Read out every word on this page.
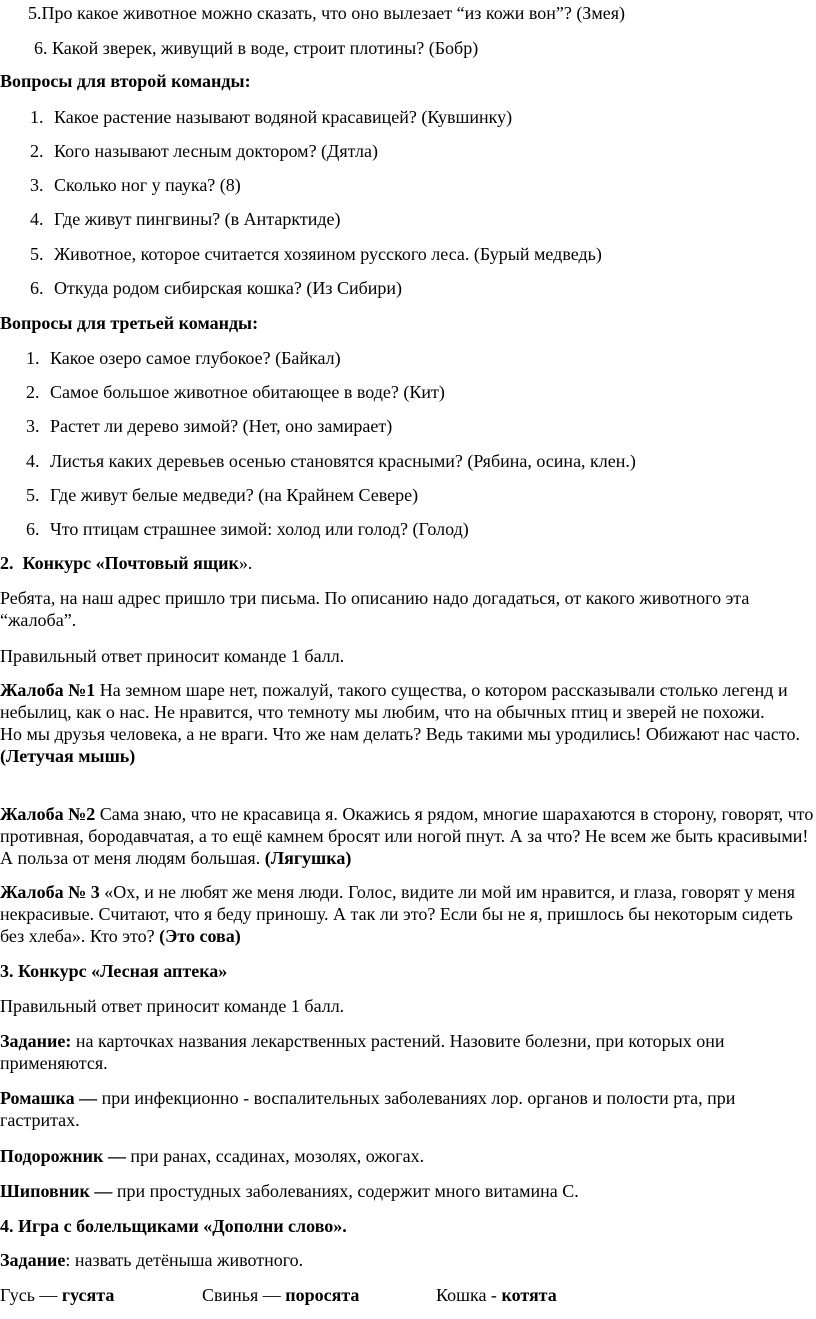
5.Про какое животное можно сказать, что оно вылезает “из кожи вон”? (Змея)
6. Какой зверек, живущий в воде, строит плотины? (Бобр)
Вопросы для второй команды:
1. Какое растение называют водяной красавицей? (Кувшинку)
2. Кого называют лесным доктором? (Дятла)
3. Сколько ног у паука? (8)
4. Где живут пингвины? (в Антарктиде)
5. Животное, которое считается хозяином русского леса. (Бурый медведь)
6. Откуда родом сибирская кошка? (Из Сибири)
Вопросы для третьей команды:
1. Какое озеро самое глубокое? (Байкал)
2. Самое большое животное обитающее в воде? (Кит)
3. Растет ли дерево зимой? (Нет, оно замирает)
4. Листья каких деревьев осенью становятся красными? (Рябина, осина, клен.)
5. Где живут белые медведи? (на Крайнем Севере)
6. Что птицам страшнее зимой: холод или голод? (Голод)
2. Конкурс «Почтовый ящик».
Ребята, на наш адрес пришло три письма. По описанию надо догадаться, от какого животного эта “жалоба”.
Правильный ответ приносит команде 1 балл.
Жалоба №1 На земном шаре нет, пожалуй, такого существа, о котором рассказывали столько легенд и небылиц, как о нас. Не нравится, что темноту мы любим, что на обычных птиц и зверей не похожи.
Но мы друзья человека, а не враги. Что же нам делать? Ведь такими мы уродились! Обижают нас часто. (Летучая мышь)
Жалоба №2 Сама знаю, что не красавица я. Окажись я рядом, многие шарахаются в сторону, говорят, что противная, бородавчатая, а то ещё камнем бросят или ногой пнут. А за что? Не всем же быть красивыми! А польза от меня людям большая. (Лягушка)
Жалоба № 3 «Ох, и не любят же меня люди. Голос, видите ли мой им нравится, и глаза, говорят у меня некрасивые. Считают, что я беду приношу. А так ли это? Если бы не я, пришлось бы некоторым сидеть без хлеба». Кто это? (Это сова)
3. Конкурс «Лесная аптека»
Правильный ответ приносит команде 1 балл.
Задание: на карточках названия лекарственных растений. Назовите болезни, при которых они применяются.
Ромашка — при инфекционно - воспалительных заболеваниях лор. органов и полости рта, при гастритах.
Подорожник — при ранах, ссадинах, мозолях, ожогах.
Шиповник — при простудных заболеваниях, содержит много витамина С.
4. Игра с болельщиками «Дополни слово».
Задание: назвать детёныша животного.
Гусь — гусята	Свинья — поросята	Кошка - котята
